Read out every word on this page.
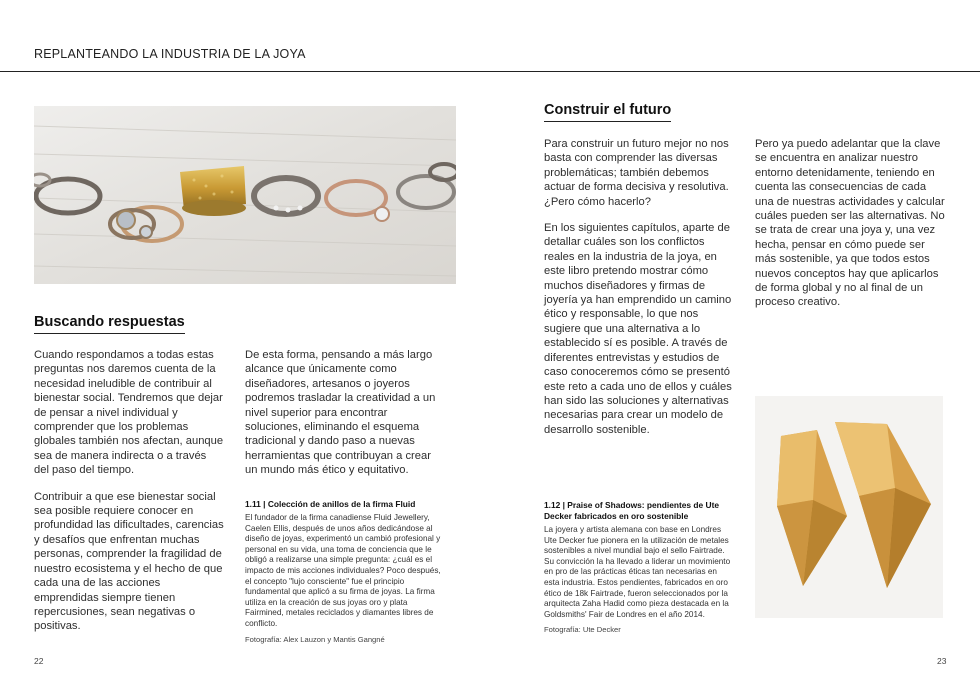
REPLANTEANDO LA INDUSTRIA DE LA JOYA
Buscando respuestas

Cuando respondamos a todas estas preguntas nos daremos cuenta de la necesidad ineludible de contribuir al bienestar social. Tendremos que dejar de pensar a nivel individual y comprender que los problemas globales también nos afectan, aunque sea de manera indirecta o a través del paso del tiempo.

Contribuir a que ese bienestar social sea posible requiere conocer en profundidad las dificultades, carencias y desafíos que enfrentan muchas personas, comprender la fragilidad de nuestro ecosistema y el hecho de que cada una de las acciones emprendidas siempre tienen repercusiones, sean negativas o positivas.

De esta forma, pensando a más largo alcance que únicamente como diseñadores, artesanos o joyeros podremos trasladar la creatividad a un nivel superior para encontrar soluciones, eliminando el esquema tradicional y dando paso a nuevas herramientas que contribuyan a crear un mundo más ético y equitativo.

1.11 | Colección de anillos de la firma Fluid
El fundador de la firma canadiense Fluid Jewellery, Caelen Ellis, después de unos años dedicándose al diseño de joyas, experimentó un cambió profesional y personal en su vida, una toma de conciencia que le obligó a realizarse una simple pregunta: ¿cuál es el impacto de mis acciones individuales? Poco después, el concepto "lujo consciente" fue el principio fundamental que aplicó a su firma de joyas. La firma utiliza en la creación de sus joyas oro y plata Fairmined, metales reciclados y diamantes libres de conflicto.
Fotografía: Alex Lauzon y Mantis Gangné
22
Construir el futuro

Para construir un futuro mejor no nos basta con comprender las diversas problemáticas; también debemos actuar de forma decisiva y resolutiva. ¿Pero cómo hacerlo?

En los siguientes capítulos, aparte de detallar cuáles son los conflictos reales en la industria de la joya, en este libro pretendo mostrar cómo muchos diseñadores y firmas de joyería ya han emprendido un camino ético y responsable, lo que nos sugiere que una alternativa a lo establecido sí es posible. A través de diferentes entrevistas y estudios de caso conoceremos cómo se presentó este reto a cada uno de ellos y cuáles han sido las soluciones y alternativas necesarias para crear un modelo de desarrollo sostenible.

Pero ya puedo adelantar que la clave se encuentra en analizar nuestro entorno detenidamente, teniendo en cuenta las consecuencias de cada una de nuestras actividades y calcular cuáles pueden ser las alternativas. No se trata de crear una joya y, una vez hecha, pensar en cómo puede ser más sostenible, ya que todos estos nuevos conceptos hay que aplicarlos de forma global y no al final de un proceso creativo.

1.12 | Praise of Shadows: pendientes de Ute Decker fabricados en oro sostenible
La joyera y artista alemana con base en Londres Ute Decker fue pionera en la utilización de metales sostenibles a nivel mundial bajo el sello Fairtrade. Su convicción la ha llevado a liderar un movimiento en pro de las prácticas éticas tan necesarias en esta industria. Estos pendientes, fabricados en oro ético de 18k Fairtrade, fueron seleccionados por la arquitecta Zaha Hadid como pieza destacada en la Goldsmiths' Fair de Londres en el año 2014.
Fotografía: Ute Decker
23
